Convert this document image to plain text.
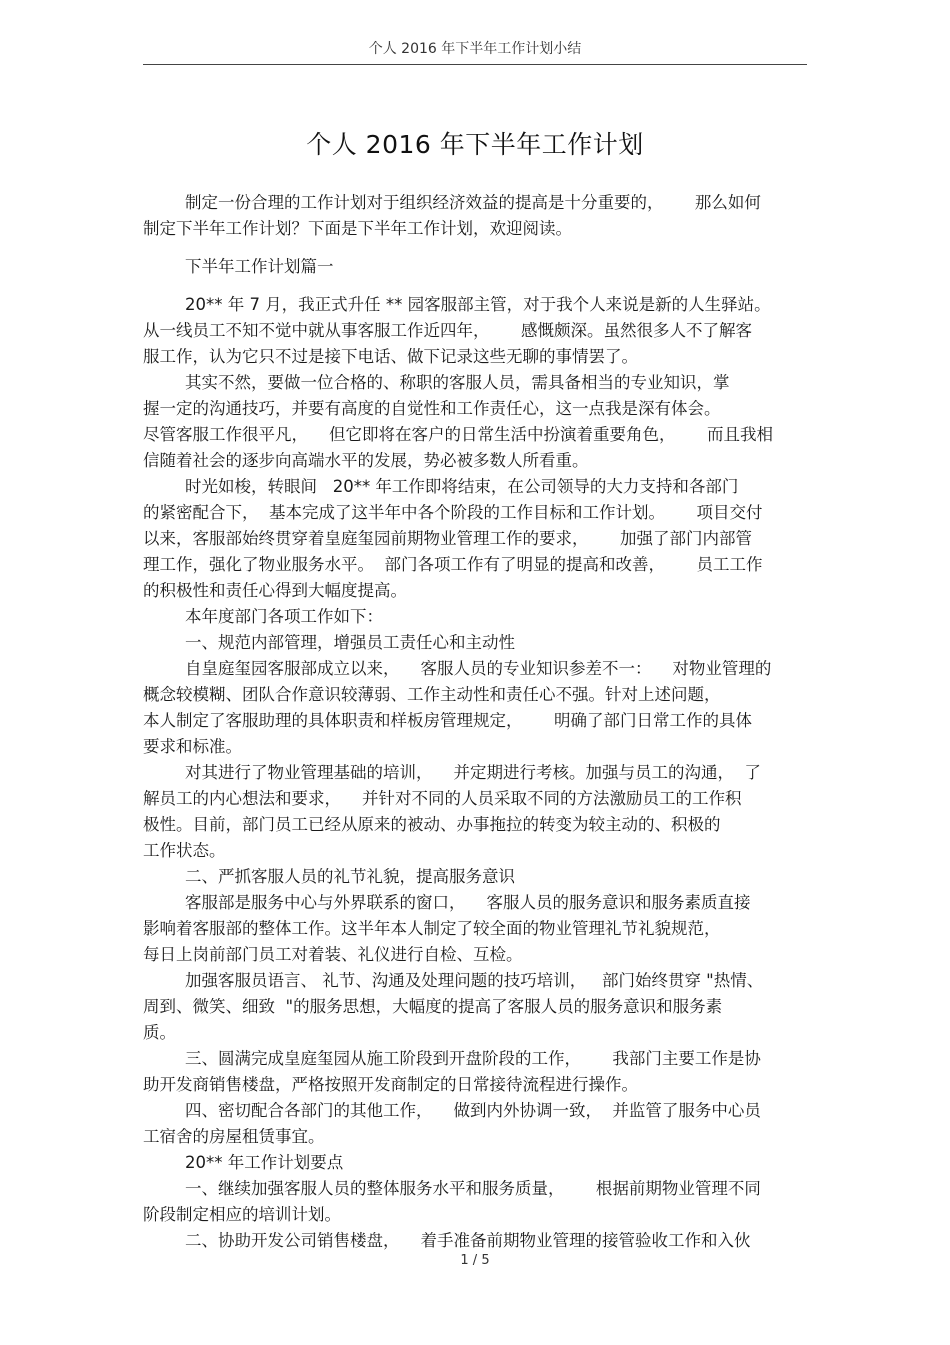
个人 2016 年下半年工作计划小结
个人 2016 年下半年工作计划
制定一份合理的工作计划对于组织经济效益的提高是十分重要的，      那么如何
制定下半年工作计划？下面是下半年工作计划，欢迎阅读。
下半年工作计划篇一
20** 年 7 月，我正式升任 ** 园客服部主管，对于我个人来说是新的人生驿站。
从一线员工不知不觉中就从事客服工作近四年，      感慨颇深。虽然很多人不了解客
服工作，认为它只不过是接下电话、做下记录这些无聊的事情罢了。
其实不然，要做一位合格的、称职的客服人员，需具备相当的专业知识，掌
握一定的沟通技巧，并要有高度的自觉性和工作责任心，这一点我是深有体会。
尽管客服工作很平凡，    但它即将在客户的日常生活中扮演着重要角色，      而且我相
信随着社会的逐步向高端水平的发展，势必被多数人所看重。
时光如梭，转眼间   20** 年工作即将结束，在公司领导的大力支持和各部门
的紧密配合下，  基本完成了这半年中各个阶段的工作目标和工作计划。      项目交付
以来，客服部始终贯穿着皇庭玺园前期物业管理工作的要求，      加强了部门内部管
理工作，强化了物业服务水平。  部门各项工作有了明显的提高和改善，      员工工作
的积极性和责任心得到大幅度提高。
本年度部门各项工作如下：
一、规范内部管理，增强员工责任心和主动性
自皇庭玺园客服部成立以来，    客服人员的专业知识参差不一：    对物业管理的
概念较模糊、团队合作意识较薄弱、工作主动性和责任心不强。针对上述问题，
本人制定了客服助理的具体职责和样板房管理规定，      明确了部门日常工作的具体
要求和标准。
对其进行了物业管理基础的培训，    并定期进行考核。加强与员工的沟通，  了
解员工的内心想法和要求，    并针对不同的人员采取不同的方法激励员工的工作积
极性。目前，部门员工已经从原来的被动、办事拖拉的转变为较主动的、积极的
工作状态。
二、严抓客服人员的礼节礼貌，提高服务意识
客服部是服务中心与外界联系的窗口，    客服人员的服务意识和服务素质直接
影响着客服部的整体工作。这半年本人制定了较全面的物业管理礼节礼貌规范，
每日上岗前部门员工对着装、礼仪进行自检、互检。
加强客服员语言、 礼节、沟通及处理问题的技巧培训，   部门始终贯穿 "热情、
周到、微笑、细致  "的服务思想，大幅度的提高了客服人员的服务意识和服务素
质。
三、圆满完成皇庭玺园从施工阶段到开盘阶段的工作，      我部门主要工作是协
助开发商销售楼盘，严格按照开发商制定的日常接待流程进行操作。
四、密切配合各部门的其他工作，    做到内外协调一致，  并监管了服务中心员
工宿舍的房屋租赁事宜。
20** 年工作计划要点
一、继续加强客服人员的整体服务水平和服务质量，      根据前期物业管理不同
阶段制定相应的培训计划。
二、协助开发公司销售楼盘，    着手准备前期物业管理的接管验收工作和入伙
1 / 5
